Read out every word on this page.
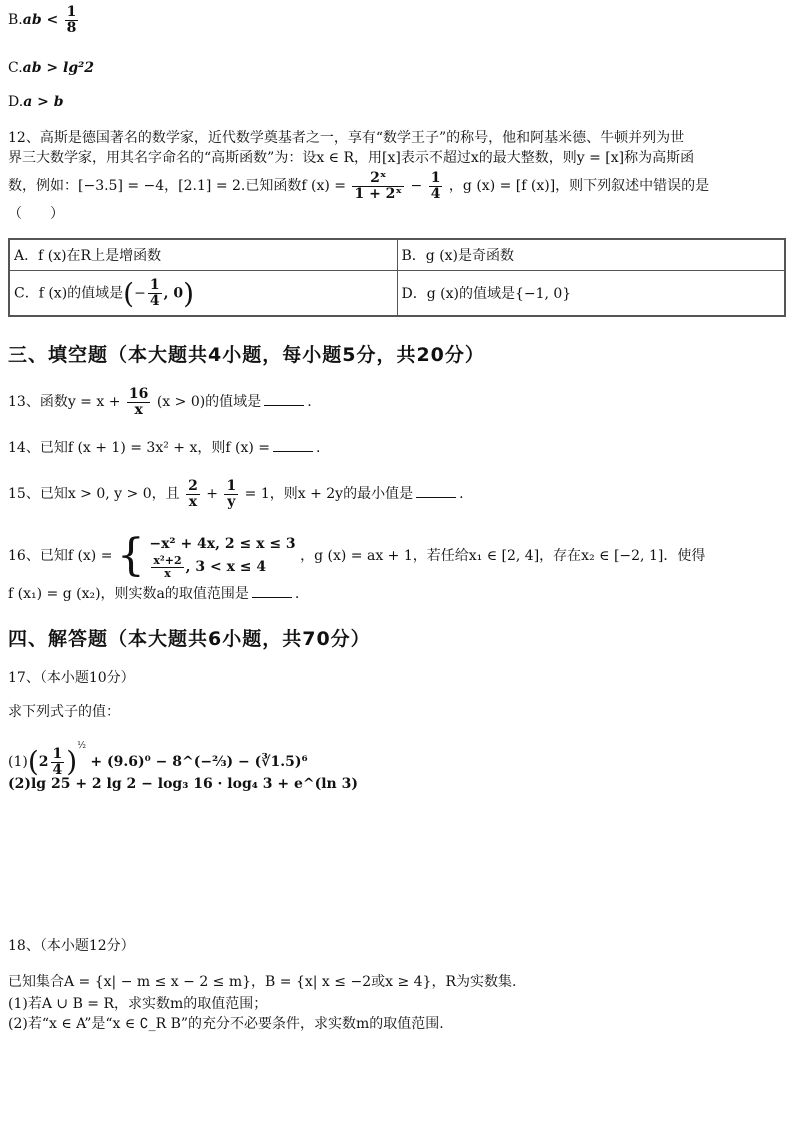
$B.ab < \frac{1}{8}$
C.ab > lg²2
D.a > b
12、高斯是德国著名的数学家，近代数学奠基者之一，享有“数学王子”的称号，他和阿基米德、牛顿并列为世
界三大数学家，用其名字命名的“高斯函数”为：设x ∈ R，用[x]表示不超过x的最大整数，则y = [x]称为高斯函
数，例如：[−3.5] = −4，[2.1] = 2.已知函数f $(x) = \frac{\text{2ˣ}}{\text{1 + 2ˣ}} - \frac{1}{4}$ ，g (x) = [f (x)]，则下列叙述中错误的是
（　　）
A．f (x)在R上是增函数	B．g (x)是奇函数
C．f (x)的值域是(− $\frac{1}{4}$ , 0)	D．g (x)的值域是{−1, 0}
三、填空题（本大题共4小题，每小题5分，共20分）
13、函数$y = x + \frac{16}{x} (x > 0)$的值域是	.
14、已知f (x + 1) = 3x² + x，则f (x) =	.
15、已知x > 0, y > 0，且 $\frac{2}{x} + \frac{1}{y} = 1$，则x + 2y的最小值是	.
16、已知f (x) = { −x² + 4x, 2 ≤ x ≤ 3
$\frac{\text{x²+2}}{x}$ , 3 < x ≤ 4
，g (x) = ax + 1，若任给x₁ ∈ [2, 4]，存在x₂ ∈ [−2, 1]．使得
f (x₁) = g (x₂)，则实数a的取值范围是	.
四、解答题（本大题共6小题，共70分）
17、（本小题10分）
求下列式子的值：
$(1)(2 \frac{1}{4} )^{\frac{1}{2}} + (9.6)^0$ − 8^(−⅔) − (∛1.5)⁶
(2)lg 25 + 2 lg 2 − log₃ 16 · log₄ 3 + e^(ln 3)
18、（本小题12分）
已知集合A = {x| − m ≤ x − 2 ≤ m}，B = {x| x ≤ −2或x ≥ 4}，R为实数集.
(1)若A ∪ B = R，求实数m的取值范围；
(2)若“x ∈ A”是“x ∈ ∁_R B”的充分不必要条件，求实数m的取值范围.
